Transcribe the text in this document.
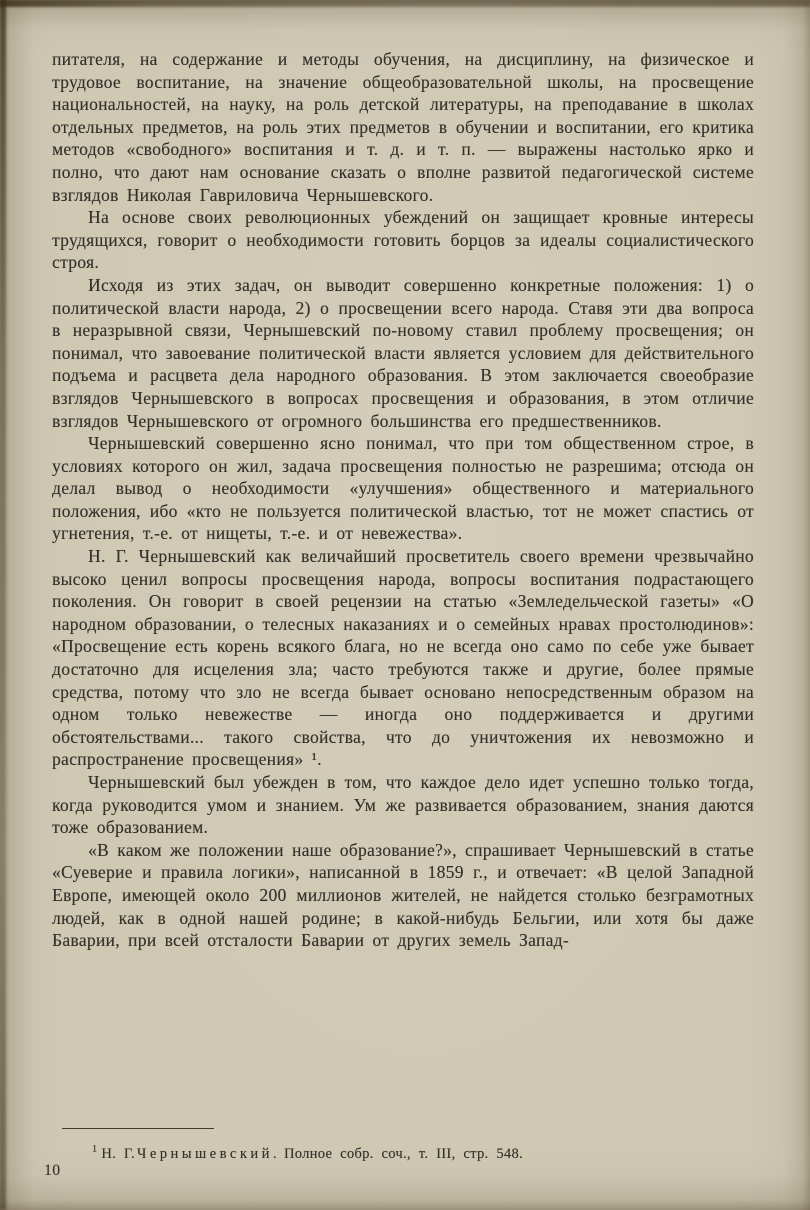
питателя, на содержание и методы обучения, на дисциплину, на физическое и трудовое воспитание, на значение общеобразовательной школы, на просвещение национальностей, на науку, на роль детской литературы, на преподавание в школах отдельных предметов, на роль этих предметов в обучении и воспитании, его критика методов «свободного» воспитания и т. д. и т. п. — выражены настолько ярко и полно, что дают нам основание сказать о вполне развитой педагогической системе взглядов Николая Гавриловича Чернышевского.

На основе своих революционных убеждений он защищает кровные интересы трудящихся, говорит о необходимости готовить борцов за идеалы социалистического строя.

Исходя из этих задач, он выводит совершенно конкретные положения: 1) о политической власти народа, 2) о просвещении всего народа. Ставя эти два вопроса в неразрывной связи, Чернышевский по-новому ставил проблему просвещения; он понимал, что завоевание политической власти является условием для действительного подъема и расцвета дела народного образования. В этом заключается своеобразие взглядов Чернышевского в вопросах просвещения и образования, в этом отличие взглядов Чернышевского от огромного большинства его предшественников.

Чернышевский совершенно ясно понимал, что при том общественном строе, в условиях которого он жил, задача просвещения полностью не разрешима; отсюда он делал вывод о необходимости «улучшения» общественного и материального положения, ибо «кто не пользуется политической властью, тот не может спастись от угнетения, т.-е. от нищеты, т.-е. и от невежества».

Н. Г. Чернышевский как величайший просветитель своего времени чрезвычайно высоко ценил вопросы просвещения народа, вопросы воспитания подрастающего поколения. Он говорит в своей рецензии на статью «Земледельческой газеты» «О народном образовании, о телесных наказаниях и о семейных нравах простолюдинов»: «Просвещение есть корень всякого блага, но не всегда оно само по себе уже бывает достаточно для исцеления зла; часто требуются также и другие, более прямые средства, потому что зло не всегда бывает основано непосредственным образом на одном только невежестве — иногда оно поддерживается и другими обстоятельствами... такого свойства, что до уничтожения их невозможно и распространение просвещения» ¹.

Чернышевский был убежден в том, что каждое дело идет успешно только тогда, когда руководится умом и знанием. Ум же развивается образованием, знания даются тоже образованием.

«В каком же положении наше образование?», спрашивает Чернышевский в статье «Суеверие и правила логики», написанной в 1859 г., и отвечает: «В целой Западной Европе, имеющей около 200 миллионов жителей, не найдется столько безграмотных людей, как в одной нашей родине; в какой-нибудь Бельгии, или хотя бы даже Баварии, при всей отсталости Баварии от других земель Запад-

$^1$ Н. Г. Чернышевский. Полное собр. соч., т. III, стр. 548.

10
